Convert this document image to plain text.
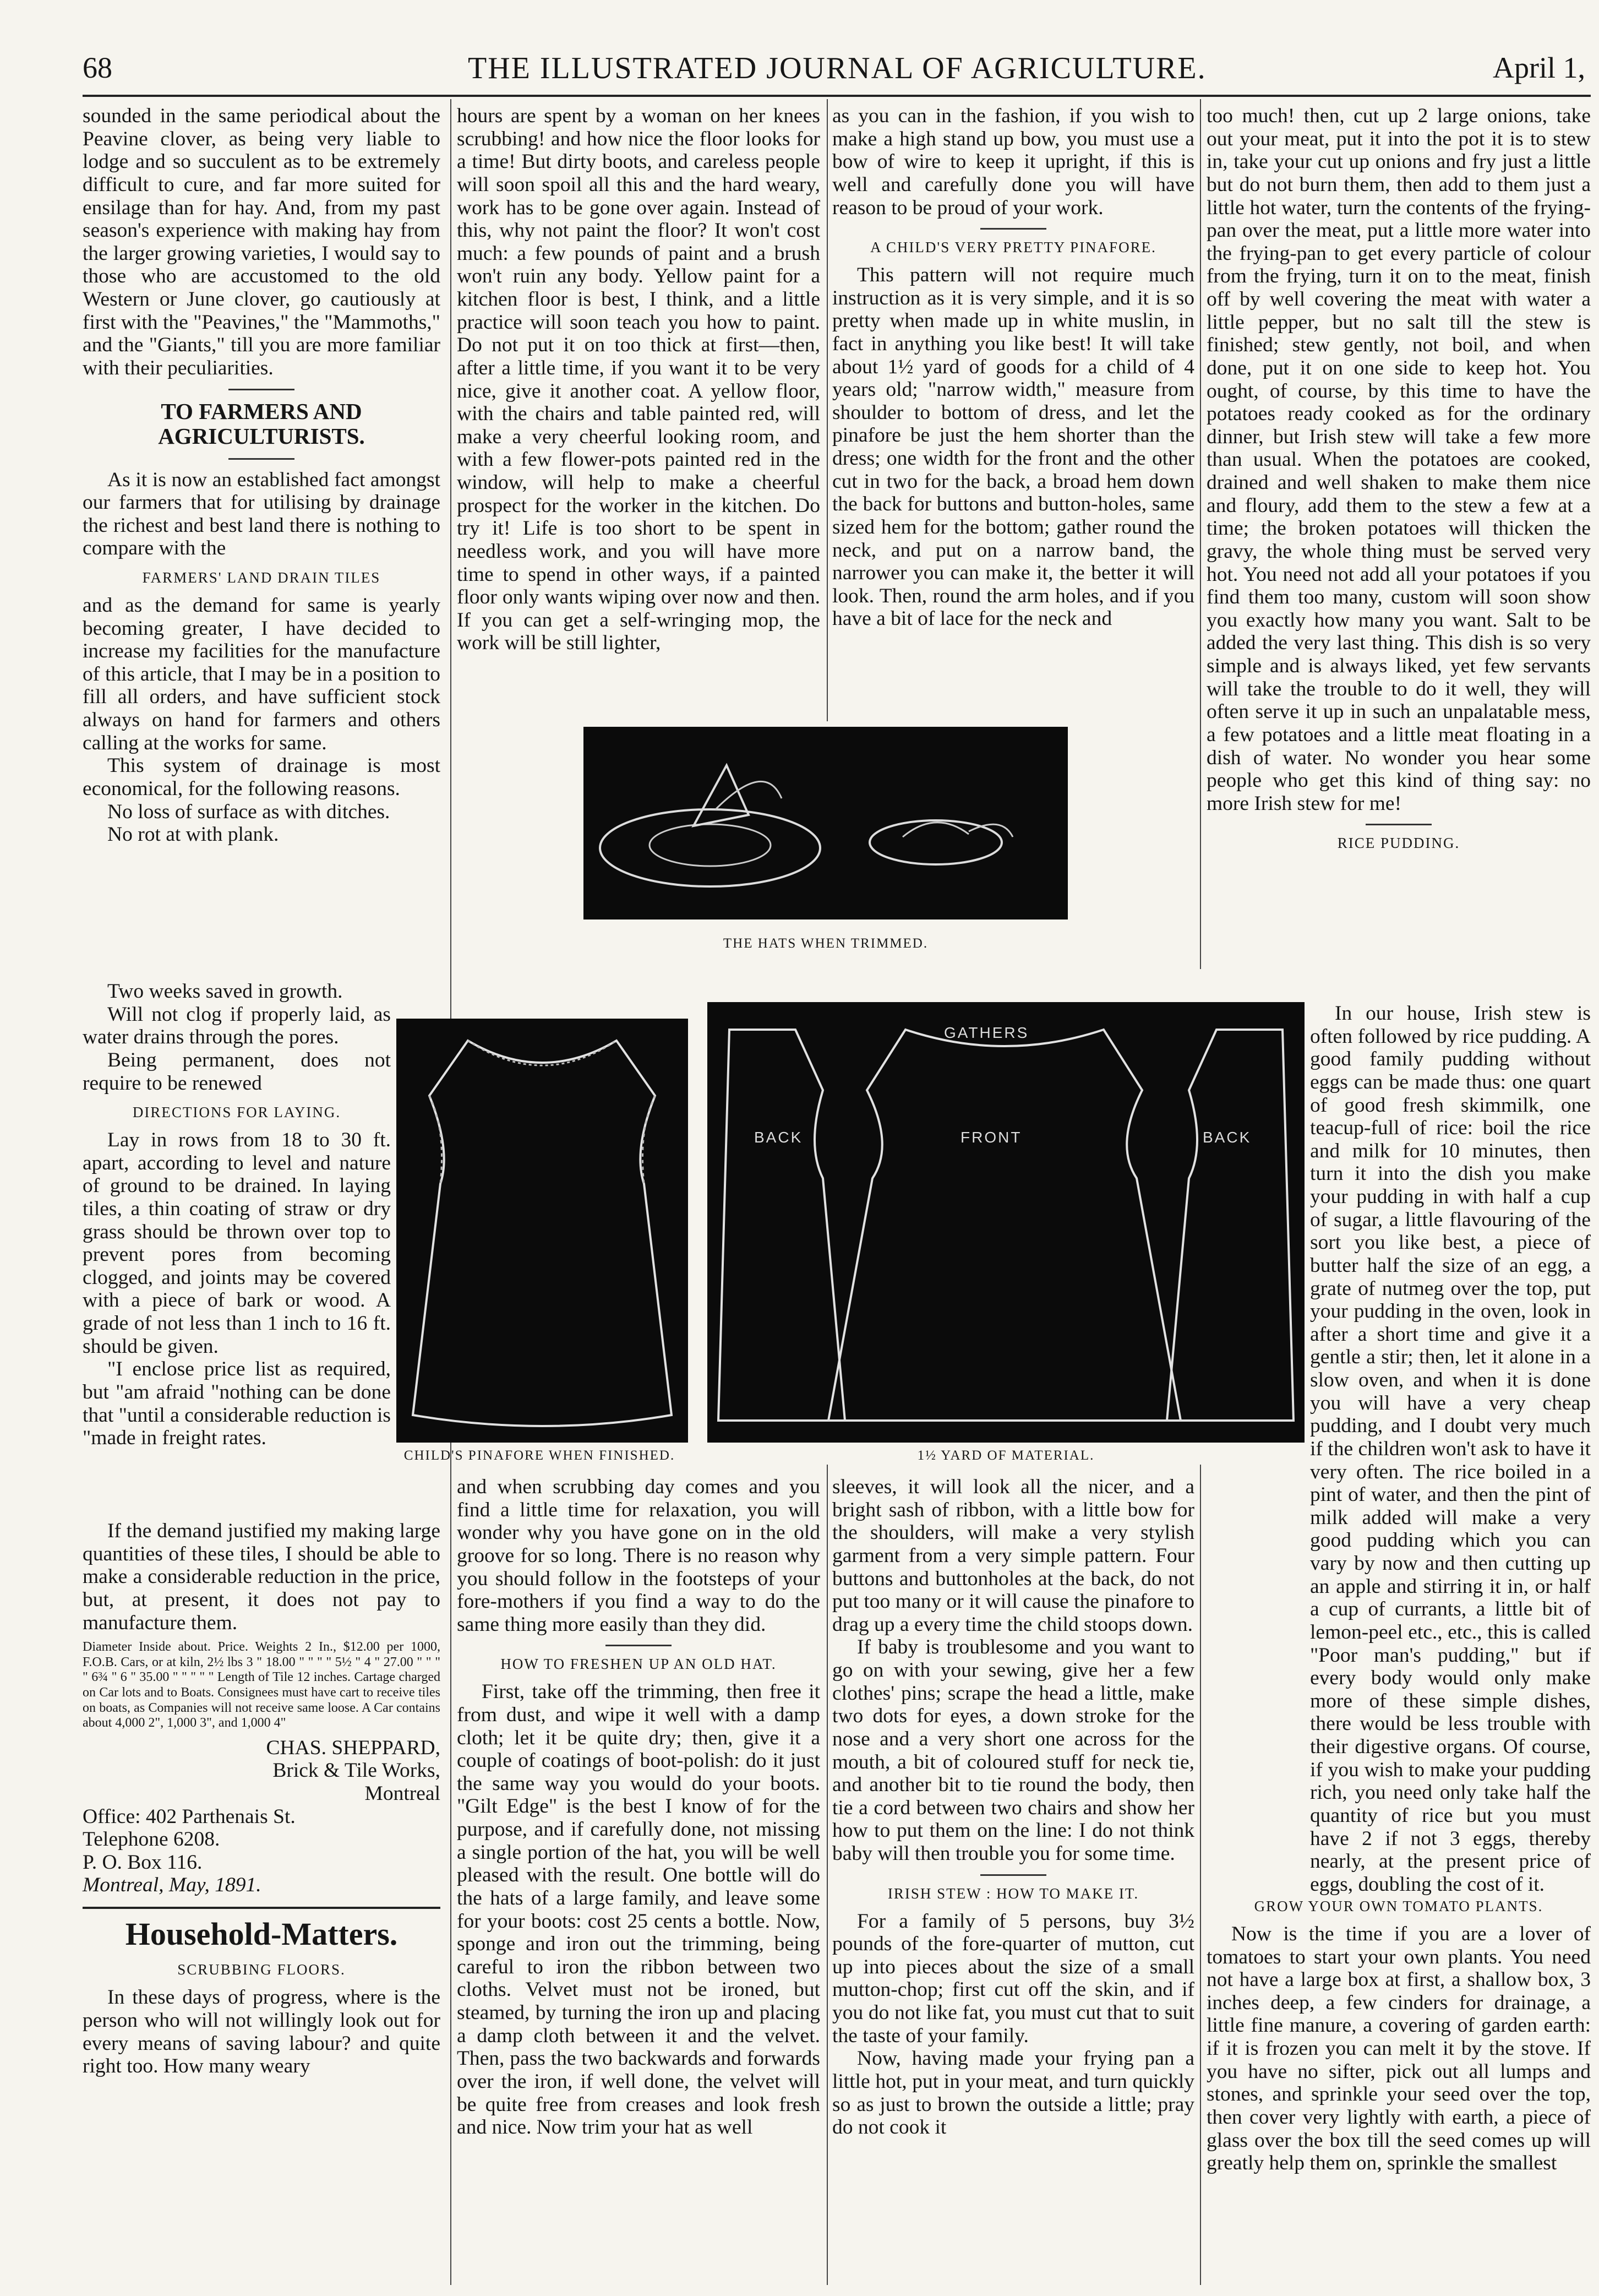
68	THE ILLUSTRATED JOURNAL OF AGRICULTURE.	April 1,

sounded in the same periodical about the Peavine clover, as being very liable to lodge and so succulent as to be extremely difficult to cure, and far more suited for ensilage than for hay. And, from my past season's experience with making hay from the larger growing varieties, I would say to those who are accustomed to the old Western or June clover, go cautiously at first with the "Peavines," the "Mammoths," and the "Giants," till you are more familiar with their peculiarities.

TO FARMERS AND AGRICULTURISTS.

As it is now an established fact amongst our farmers that for utilising by drainage the richest and best land there is nothing to compare with the

FARMERS' LAND DRAIN TILES

and as the demand for same is yearly becoming greater, I have decided to increase my facilities for the manufacture of this article, that I may be in a position to fill all orders, and have sufficient stock always on hand for farmers and others calling at the works for same.

This system of drainage is most economical, for the following reasons.

No loss of surface as with ditches.

No rot at with plank.

Two weeks saved in growth.

Will not clog if properly laid, as water drains through the pores.

Being permanent, does not require to be renewed

DIRECTIONS FOR LAYING.

Lay in rows from 18 to 30 ft. apart, according to level and nature of ground to be drained. In laying tiles, a thin coating of straw or dry grass should be thrown over top to prevent pores from becoming clogged, and joints may be covered with a piece of bark or wood. A grade of not less than 1 inch to 16 ft. should be given.

"I enclose price list as required, but "am afraid "nothing can be done that "until a considerable reduction is "made in freight rates.

If the demand justified my making large quantities of these tiles, I should be able to make a considerable reduction in the price, but, at present, it does not pay to manufacture them.

Diameter Inside about. Price. Weights 2 In., $12.00 per 1000, F.O.B. Cars, or at kiln, 2½ lbs 3 " 18.00 " " " " 5½ " 4 " 27.00 " " " " 6¾ " 6 " 35.00 " " " " " Length of Tile 12 inches. Cartage charged on Car lots and to Boats. Consignees must have cart to receive tiles on boats, as Companies will not receive same loose. A Car contains about 4,000 2", 1,000 3", and 1,000 4"

CHAS. SHEPPARD,

Brick & Tile Works,

Montreal

Office: 402 Parthenais St.

Telephone 6208.

P. O. Box 116.

Montreal, May, 1891.

Household-Matters.

SCRUBBING FLOORS.

In these days of progress, where is the person who will not willingly look out for every means of saving labour? and quite right too. How many weary

hours are spent by a woman on her knees scrubbing! and how nice the floor looks for a time! But dirty boots, and careless people will soon spoil all this and the hard weary, work has to be gone over again. Instead of this, why not paint the floor? It won't cost much: a few pounds of paint and a brush won't ruin any body. Yellow paint for a kitchen floor is best, I think, and a little practice will soon teach you how to paint. Do not put it on too thick at first—then, after a little time, if you want it to be very nice, give it another coat. A yellow floor, with the chairs and table painted red, will make a very cheerful looking room, and with a few flower-pots painted red in the window, will help to make a cheerful prospect for the worker in the kitchen. Do try it! Life is too short to be spent in needless work, and you will have more time to spend in other ways, if a painted floor only wants wiping over now and then. If you can get a self-wringing mop, the work will be still lighter,

as you can in the fashion, if you wish to make a high stand up bow, you must use a bow of wire to keep it upright, if this is well and carefully done you will have reason to be proud of your work.

A CHILD'S VERY PRETTY PINAFORE.

This pattern will not require much instruction as it is very simple, and it is so pretty when made up in white muslin, in fact in anything you like best! It will take about 1½ yard of goods for a child of 4 years old; "narrow width," measure from shoulder to bottom of dress, and let the pinafore be just the hem shorter than the dress; one width for the front and the other cut in two for the back, a broad hem down the back for buttons and button-holes, same sized hem for the bottom; gather round the neck, and put on a narrow band, the narrower you can make it, the better it will look. Then, round the arm holes, and if you have a bit of lace for the neck and

too much! then, cut up 2 large onions, take out your meat, put it into the pot it is to stew in, take your cut up onions and fry just a little but do not burn them, then add to them just a little hot water, turn the contents of the frying-pan over the meat, put a little more water into the frying-pan to get every particle of colour from the frying, turn it on to the meat, finish off by well covering the meat with water a little pepper, but no salt till the stew is finished; stew gently, not boil, and when done, put it on one side to keep hot. You ought, of course, by this time to have the potatoes ready cooked as for the ordinary dinner, but Irish stew will take a few more than usual. When the potatoes are cooked, drained and well shaken to make them nice and floury, add them to the stew a few at a time; the broken potatoes will thicken the gravy, the whole thing must be served very hot. You need not add all your potatoes if you find them too many, custom will soon show you exactly how many you want. Salt to be added the very last thing. This dish is so very simple and is always liked, yet few servants will take the trouble to do it well, they will often serve it up in such an unpalatable mess, a few potatoes and a little meat floating in a dish of water. No wonder you hear some people who get this kind of thing say: no more Irish stew for me!

RICE PUDDING.

In our house, Irish stew is often followed by rice pudding. A good family pudding without eggs can be made thus: one quart of good fresh skimmilk, one teacup-full of rice: boil the rice and milk for 10 minutes, then turn it into the dish you make your pudding in with half a cup of sugar, a little flavouring of the sort you like best, a piece of butter half the size of an egg, a grate of nutmeg over the top, put your pudding in the oven, look in after a short time and give it a gentle a stir; then, let it alone in a slow oven, and when it is done you will have a very cheap pudding, and I doubt very much if the children won't ask to have it very often. The rice boiled in a pint of water, and then the pint of milk added will make a very good pudding which you can vary by now and then cutting up an apple and stirring it in, or half a cup of currants, a little bit of lemon-peel etc., etc., this is called "Poor man's pudding," but if every body would only make more of these simple dishes, there would be less trouble with their digestive organs. Of course, if you wish to make your pudding rich, you need only take half the quantity of rice but you must have 2 if not 3 eggs, thereby nearly, at the present price of eggs, doubling the cost of it.

THE HATS WHEN TRIMMED.
CHILD'S PINAFORE WHEN FINISHED.
GATHERS
BACK	FRONT	BACK
1½ YARD OF MATERIAL.

and when scrubbing day comes and you find a little time for relaxation, you will wonder why you have gone on in the old groove for so long. There is no reason why you should follow in the footsteps of your fore-mothers if you find a way to do the same thing more easily than they did.

HOW TO FRESHEN UP AN OLD HAT.

First, take off the trimming, then free it from dust, and wipe it well with a damp cloth; let it be quite dry; then, give it a couple of coatings of boot-polish: do it just the same way you would do your boots. "Gilt Edge" is the best I know of for the purpose, and if carefully done, not missing a single portion of the hat, you will be well pleased with the result. One bottle will do the hats of a large family, and leave some for your boots: cost 25 cents a bottle. Now, sponge and iron out the trimming, being careful to iron the ribbon between two cloths. Velvet must not be ironed, but steamed, by turning the iron up and placing a damp cloth between it and the velvet. Then, pass the two backwards and forwards over the iron, if well done, the velvet will be quite free from creases and look fresh and nice. Now trim your hat as well

sleeves, it will look all the nicer, and a bright sash of ribbon, with a little bow for the shoulders, will make a very stylish garment from a very simple pattern. Four buttons and buttonholes at the back, do not put too many or it will cause the pinafore to drag up a every time the child stoops down.

If baby is troublesome and you want to go on with your sewing, give her a few clothes' pins; scrape the head a little, make two dots for eyes, a down stroke for the nose and a very short one across for the mouth, a bit of coloured stuff for neck tie, and another bit to tie round the body, then tie a cord between two chairs and show her how to put them on the line: I do not think baby will then trouble you for some time.

IRISH STEW : HOW TO MAKE IT.

For a family of 5 persons, buy 3½ pounds of the fore-quarter of mutton, cut up into pieces about the size of a small mutton-chop; first cut off the skin, and if you do not like fat, you must cut that to suit the taste of your family.

Now, having made your frying pan a little hot, put in your meat, and turn quickly so as just to brown the outside a little; pray do not cook it

GROW YOUR OWN TOMATO PLANTS.

Now is the time if you are a lover of tomatoes to start your own plants. You need not have a large box at first, a shallow box, 3 inches deep, a few cinders for drainage, a little fine manure, a covering of garden earth: if it is frozen you can melt it by the stove. If you have no sifter, pick out all lumps and stones, and sprinkle your seed over the top, then cover very lightly with earth, a piece of glass over the box till the seed comes up will greatly help them on, sprinkle the smallest
